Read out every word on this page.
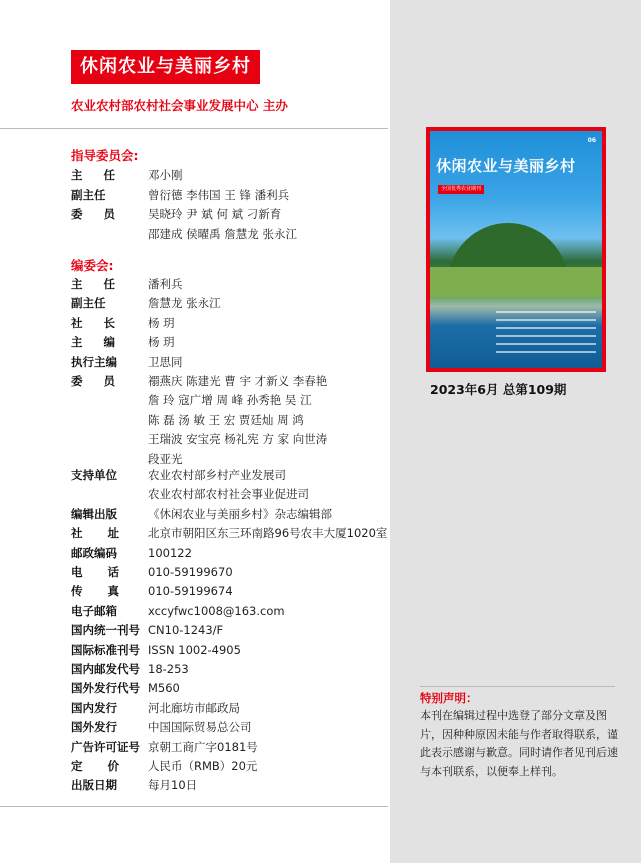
休闲农业与美丽乡村
农业农村部农村社会事业发展中心 主办
指导委员会:
主 任	邓小刚
副主任	曾衍德 李伟国 王 锋 潘利兵
委 员	吴晓玲 尹 斌 何 斌 刁新育
邵建成 侯曜禹 詹慧龙 张永江
编委会:
主 任	潘利兵
副主任	詹慧龙 张永江
社 长	杨 玥
主 编	杨 玥
执行主编	卫思同
委 员	禤燕庆 陈建光 曹 宇 才新义 李春艳
詹 玲 寇广增 周 峰 孙秀艳 吴 江
陈 磊 汤 敏 王 宏 贾廷灿 周 鸿
王瑞波 安宝亮 杨礼宪 方 家 向世涛
段亚光
支持单位	农业农村部乡村产业发展司
农业农村部农村社会事业促进司
编辑出版	《休闲农业与美丽乡村》杂志编辑部
社 址	北京市朝阳区东三环南路96号农丰大厦1020室
邮政编码	100122
电 话	010-59199670
传 真	010-59199674
电子邮箱	xccyfwc1008@163.com
国内统一刊号 CN10-1243/F
国际标准刊号 ISSN 1002-4905
国内邮发代号 18-253
国外发行代号 M560
国内发行	河北廊坊市邮政局
国外发行	中国国际贸易总公司
广告许可证号 京朝工商广字0181号
定 价	人民币（RMB）20元
出版日期	每月10日
06
休闲农业与美丽乡村
全国优秀农业期刊
2023年6月 总第109期
特别声明：
本刊在编辑过程中选登了部分文章及图片，因种种原因未能与作者取得联系，谨此表示感谢与歉意。同时请作者见刊后速与本刊联系，以便奉上样刊。
